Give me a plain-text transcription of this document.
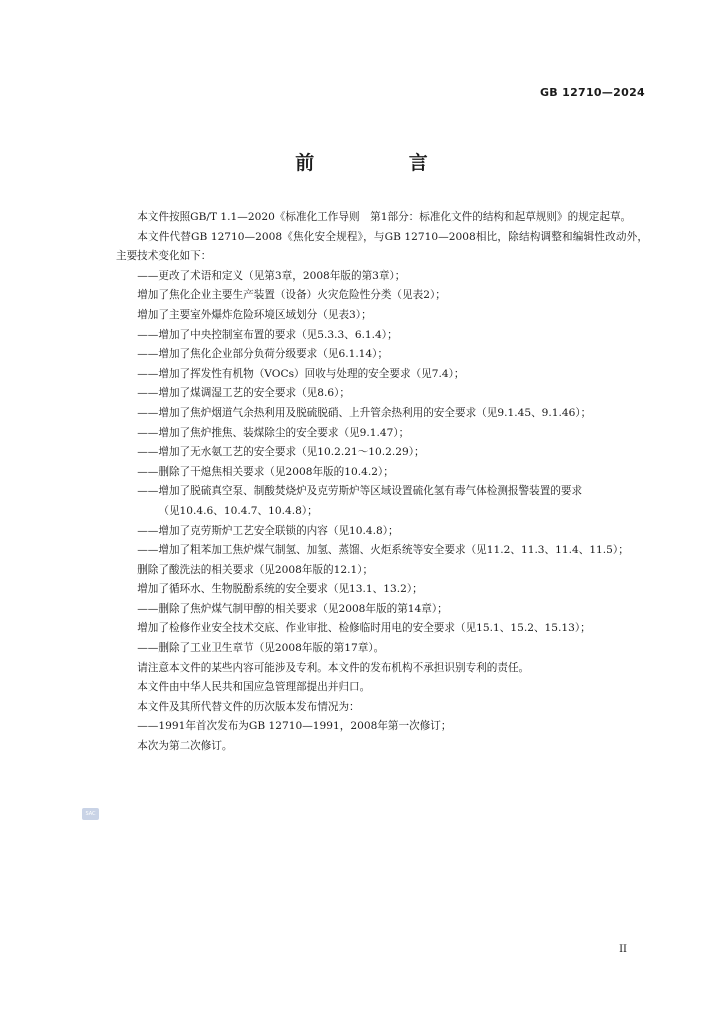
GB 12710—2024
前 言

本文件按照GB/T 1.1—2020《标准化工作导则　第1部分：标准化文件的结构和起草规则》的规定起草。

本文件代替GB 12710—2008《焦化安全规程》，与GB 12710—2008相比，除结构调整和编辑性改动外，主要技术变化如下：

——更改了术语和定义（见第3章，2008年版的第3章）；

增加了焦化企业主要生产装置（设备）火灾危险性分类（见表2）；

增加了主要室外爆炸危险环境区域划分（见表3）；

——增加了中央控制室布置的要求（见5.3.3、6.1.4）；

——增加了焦化企业部分负荷分级要求（见6.1.14）；

——增加了挥发性有机物（VOCs）回收与处理的安全要求（见7.4）；

——增加了煤调湿工艺的安全要求（见8.6）；

——增加了焦炉烟道气余热利用及脱硫脱硝、上升管余热利用的安全要求（见9.1.45、9.1.46）；

——增加了焦炉推焦、装煤除尘的安全要求（见9.1.47）；

——增加了无水氨工艺的安全要求（见10.2.21～10.2.29）；

——删除了干熄焦相关要求（见2008年版的10.4.2）；

——增加了脱硫真空泵、制酸焚烧炉及克劳斯炉等区域设置硫化氢有毒气体检测报警装置的要求
（见10.4.6、10.4.7、10.4.8）；

——增加了克劳斯炉工艺安全联锁的内容（见10.4.8）；

——增加了粗苯加工焦炉煤气制氢、加氢、蒸馏、火炬系统等安全要求（见11.2、11.3、11.4、11.5）；

删除了酸洗法的相关要求（见2008年版的12.1）；

增加了循环水、生物脱酚系统的安全要求（见13.1、13.2）；

——删除了焦炉煤气制甲醇的相关要求（见2008年版的第14章）；

增加了检修作业安全技术交底、作业审批、检修临时用电的安全要求（见15.1、15.2、15.13）；

——删除了工业卫生章节（见2008年版的第17章）。

请注意本文件的某些内容可能涉及专利。本文件的发布机构不承担识别专利的责任。

本文件由中华人民共和国应急管理部提出并归口。

本文件及其所代替文件的历次版本发布情况为：

——1991年首次发布为GB 12710—1991，2008年第一次修订；

本次为第二次修订。

SAC
II
